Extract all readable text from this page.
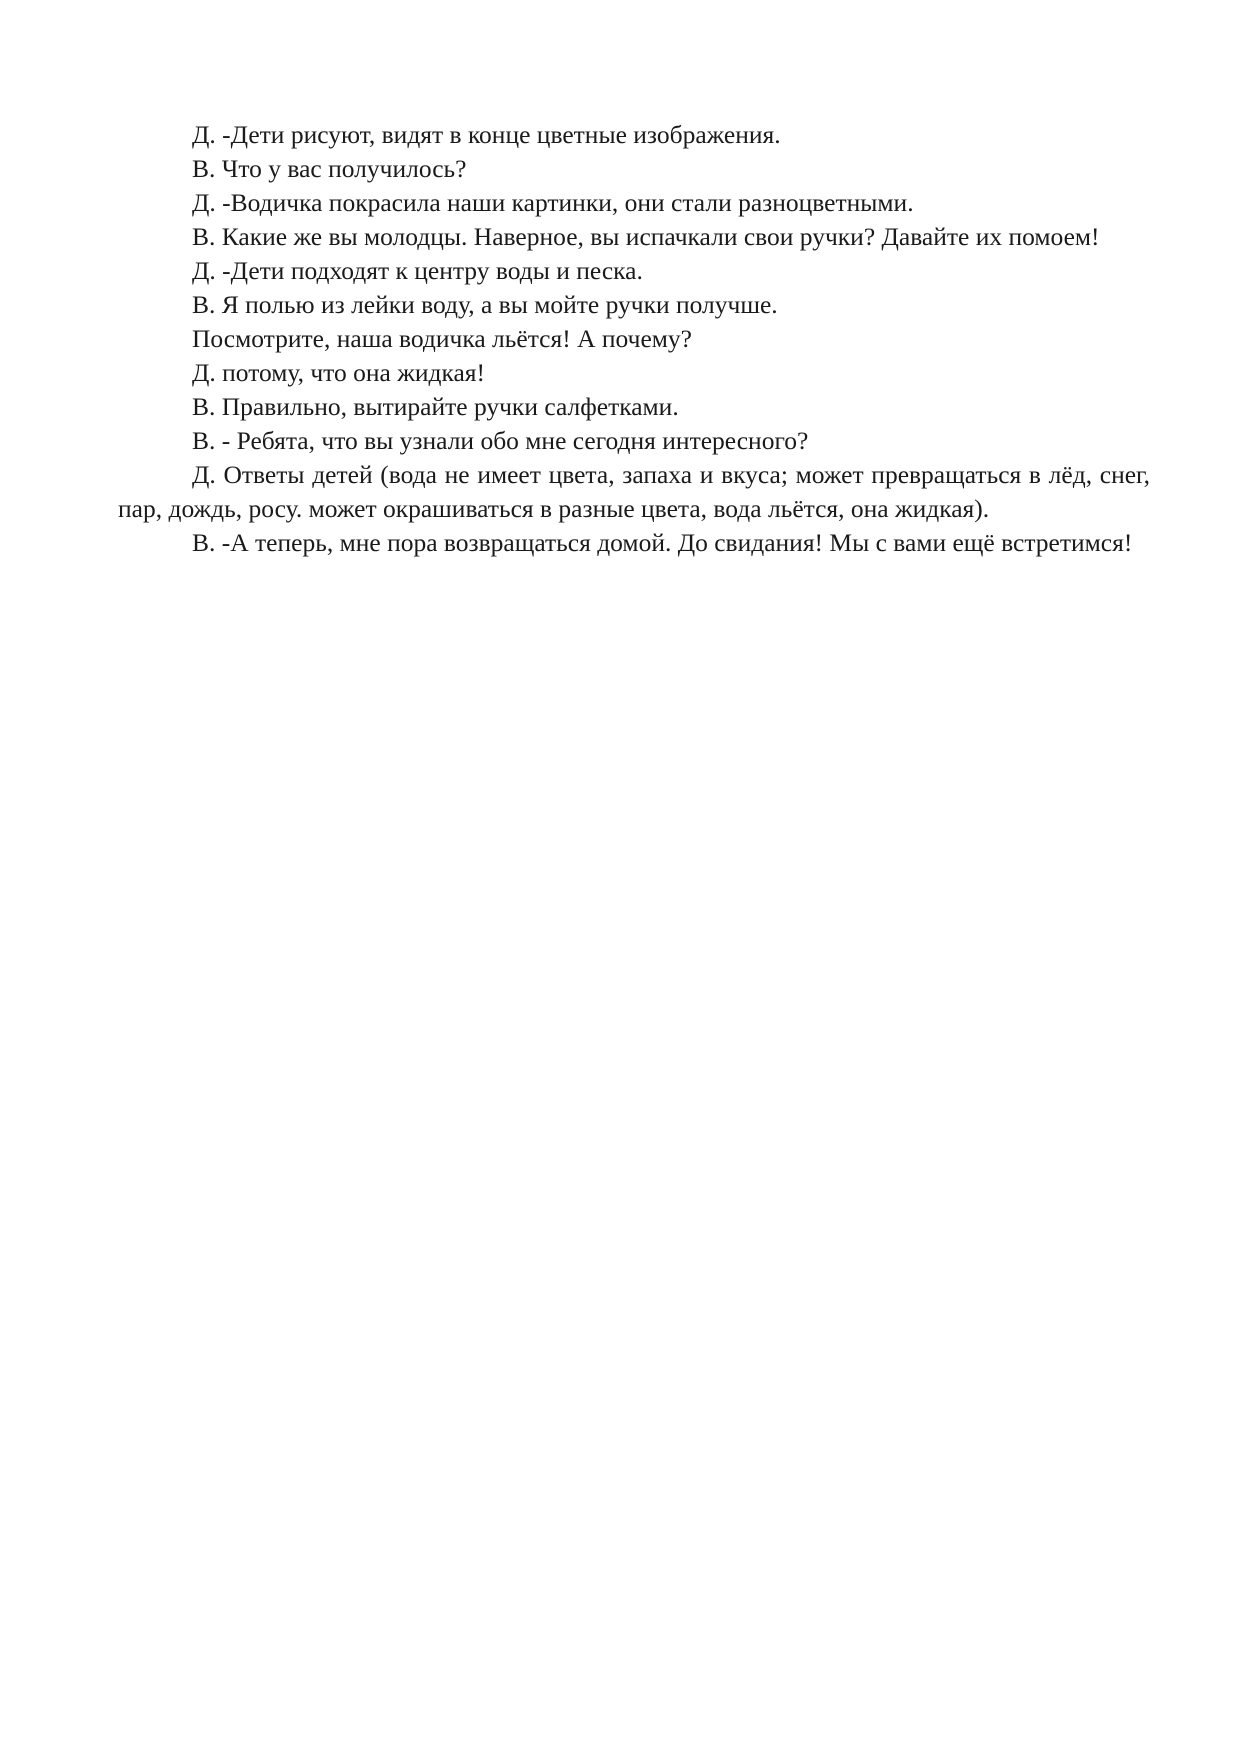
Д. -Дети рисуют, видят в конце цветные изображения.

В. Что у вас получилось?

Д. -Водичка покрасила наши картинки, они стали разноцветными.

В. Какие же вы молодцы. Наверное, вы испачкали свои ручки? Давайте их помоем!

Д. -Дети подходят к центру воды и песка.

В. Я полью из лейки воду, а вы мойте ручки получше.

Посмотрите, наша водичка льётся! А почему?

Д. потому, что она жидкая!

В. Правильно, вытирайте ручки салфетками.

В. - Ребята, что вы узнали обо мне сегодня интересного?

Д. Ответы детей (вода не имеет цвета, запаха и вкуса; может превращаться в лёд, снег, пар, дождь, росу. может окрашиваться в разные цвета, вода льётся, она жидкая).

В. -А теперь, мне пора возвращаться домой. До свидания! Мы с вами ещё встретимся!
